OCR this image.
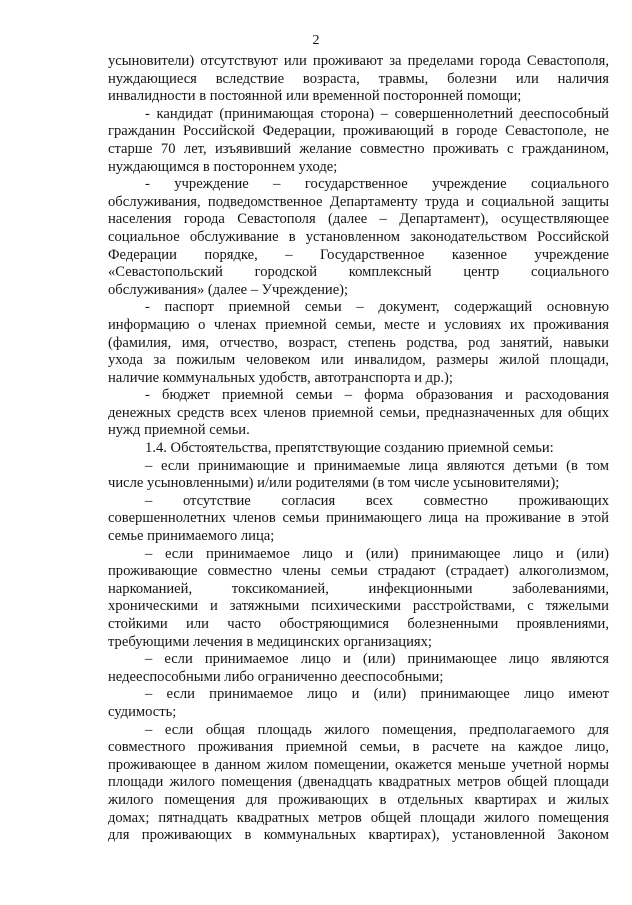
2

усыновители) отсутствуют или проживают за пределами города Севастополя,
нуждающиеся вследствие возраста, травмы, болезни или наличия
инвалидности в постоянной или временной посторонней помощи;

- кандидат (принимающая сторона) – совершеннолетний дееспособный
гражданин Российской Федерации, проживающий в городе Севастополе, не
старше 70 лет, изъявивший желание совместно проживать с гражданином,
нуждающимся в постороннем уходе;

- учреждение – государственное учреждение социального
обслуживания, подведомственное Департаменту труда и социальной защиты
населения города Севастополя (далее – Департамент), осуществляющее
социальное обслуживание в установленном законодательством Российской
Федерации порядке, – Государственное казенное учреждение
«Севастопольский городской комплексный центр социального
обслуживания» (далее – Учреждение);

- паспорт приемной семьи – документ, содержащий основную
информацию о членах приемной семьи, месте и условиях их проживания
(фамилия, имя, отчество, возраст, степень родства, род занятий, навыки
ухода за пожилым человеком или инвалидом, размеры жилой площади,
наличие коммунальных удобств, автотранспорта и др.);

- бюджет приемной семьи – форма образования и расходования
денежных средств всех членов приемной семьи, предназначенных для общих
нужд приемной семьи.

1.4. Обстоятельства, препятствующие созданию приемной семьи:

– если принимающие и принимаемые лица являются детьми (в том
числе усыновленными) и/или родителями (в том числе усыновителями);

– отсутствие согласия всех совместно проживающих
совершеннолетних членов семьи принимающего лица на проживание в этой
семье принимаемого лица;

– если принимаемое лицо и (или) принимающее лицо и (или)
проживающие совместно члены семьи страдают (страдает) алкоголизмом,
наркоманией, токсикоманией, инфекционными заболеваниями,
хроническими и затяжными психическими расстройствами, с тяжелыми
стойкими или часто обостряющимися болезненными проявлениями,
требующими лечения в медицинских организациях;

– если принимаемое лицо и (или) принимающее лицо являются
недееспособными либо ограниченно дееспособными;

– если принимаемое лицо и (или) принимающее лицо имеют
судимость;

– если общая площадь жилого помещения, предполагаемого для
совместного проживания приемной семьи, в расчете на каждое лицо,
проживающее в данном жилом помещении, окажется меньше учетной нормы
площади жилого помещения (двенадцать квадратных метров общей площади
жилого помещения для проживающих в отдельных квартирах и жилых
домах; пятнадцать квадратных метров общей площади жилого помещения
для проживающих в коммунальных квартирах), установленной Законом
